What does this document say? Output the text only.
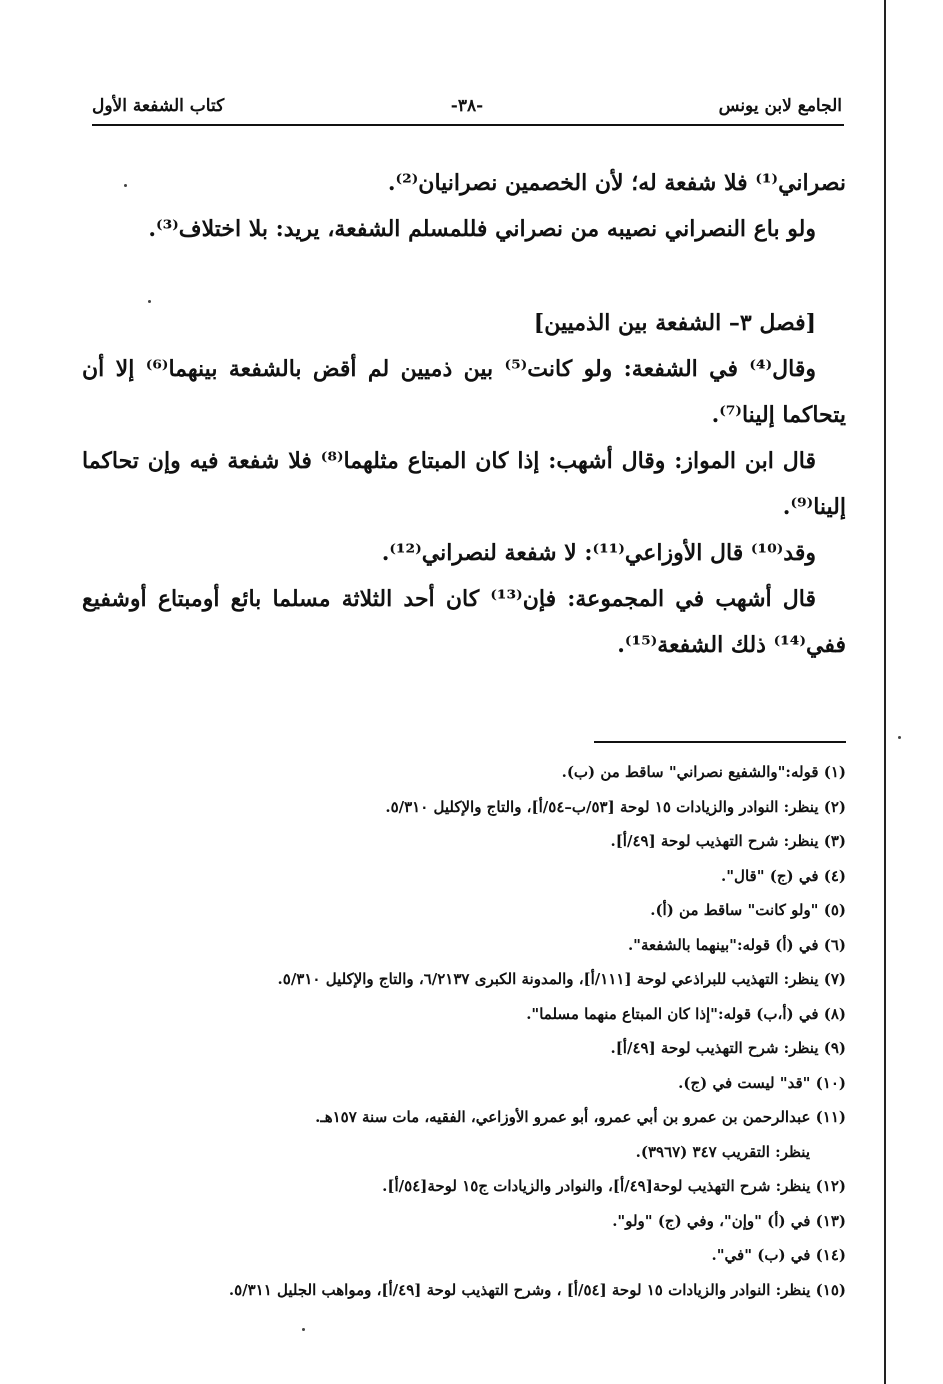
الجامع لابن يونس
-٣٨-
كتاب الشفعة الأول

نصراني⁽¹⁾ فلا شفعة له؛ لأن الخصمين نصرانيان⁽²⁾.

ولو باع النصراني نصيبه من نصراني فللمسلم الشفعة، يريد: بلا اختلاف⁽³⁾.

[فصل ٣– الشفعة بين الذميين]

وقال⁽⁴⁾ في الشفعة: ولو كانت⁽⁵⁾ بين ذميين لم أقض بالشفعة بينهما⁽⁶⁾ إلا أن يتحاكما إلينا⁽⁷⁾.

قال ابن المواز: وقال أشهب: إذا كان المبتاع مثلهما⁽⁸⁾ فلا شفعة فيه وإن تحاكما إلينا⁽⁹⁾.

وقد⁽¹⁰⁾ قال الأوزاعي⁽¹¹⁾: لا شفعة لنصراني⁽¹²⁾.

قال أشهب في المجموعة: فإن⁽¹³⁾ كان أحد الثلاثة مسلما بائع أومبتاع أوشفيع ففي⁽¹⁴⁾ ذلك الشفعة⁽¹⁵⁾.

(١) قوله:"والشفيع نصراني" ساقط من (ب).
(٢) ينظر: النوادر والزيادات ١٥ لوحة [٥٣/ب–٥٤/أ]، والتاج والإكليل ٥/٣١٠.
(٣) ينظر: شرح التهذيب لوحة [٤٩/أ].
(٤) في (ج) "قال".
(٥) "ولو كانت" ساقط من (أ).
(٦) في (أ) قوله:"بينهما بالشفعة".
(٧) ينظر: التهذيب للبراذعي لوحة [١١١/أ]، والمدونة الكبرى ٦/٢١٣٧، والتاج والإكليل ٥/٣١٠.
(٨) في (أ،ب) قوله:"إذا كان المبتاع منهما مسلما".
(٩) ينظر: شرح التهذيب لوحة [٤٩/أ].
(١٠) "قد" ليست في (ج).
(١١) عبدالرحمن بن عمرو بن أبي عمرو، أبو عمرو الأوزاعي، الفقيه، مات سنة ١٥٧هـ.
ينظر: التقريب ٣٤٧ (٣٩٦٧).
(١٢) ينظر: شرح التهذيب لوحة[٤٩/أ]، والنوادر والزيادات ج١٥ لوحة[٥٤/أ].
(١٣) في (أ) "وإن"، وفي (ج) "ولو".
(١٤) في (ب) "في".
(١٥) ينظر: النوادر والزيادات ١٥ لوحة [٥٤/أ] ، وشرح التهذيب لوحة [٤٩/أ]، ومواهب الجليل ٥/٣١١.
